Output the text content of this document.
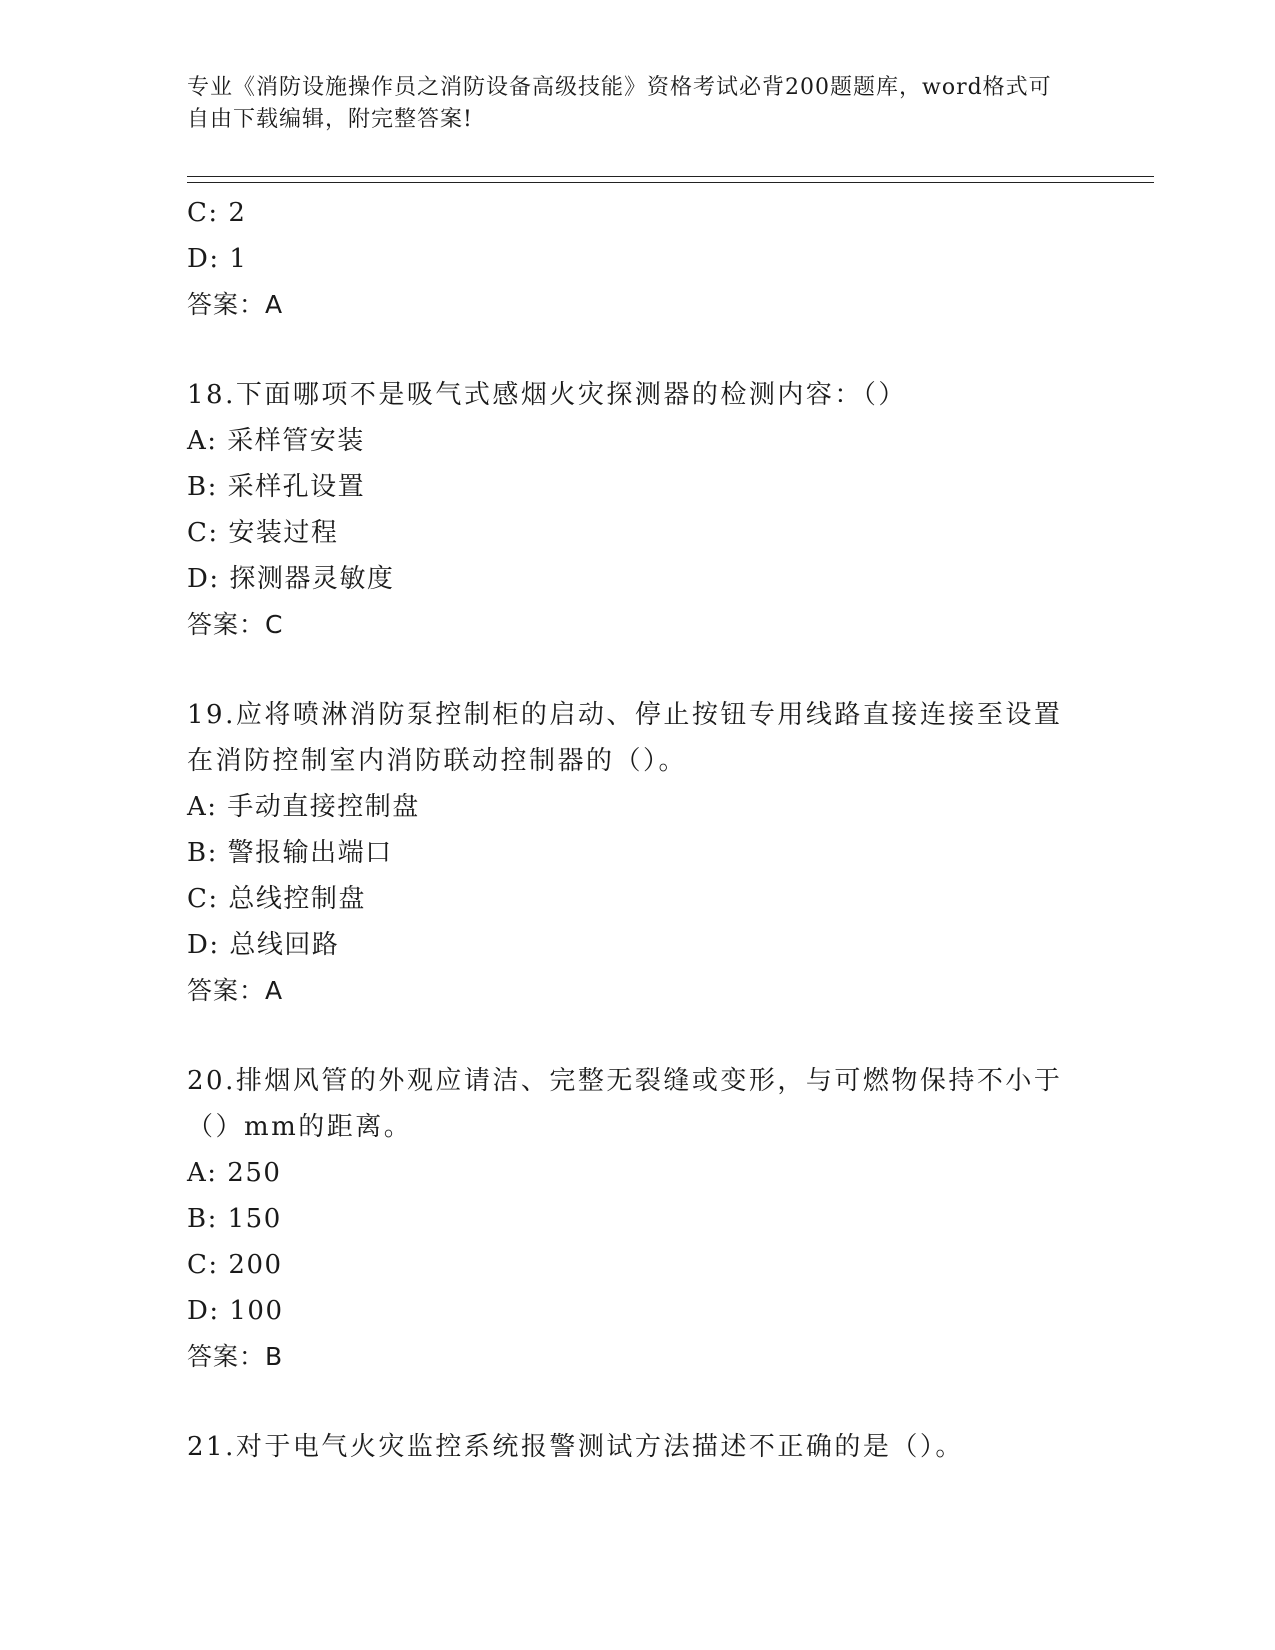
专业《消防设施操作员之消防设备高级技能》资格考试必背200题题库，word格式可自由下载编辑，附完整答案!
C: 2
D: 1
答案：A
18.下面哪项不是吸气式感烟火灾探测器的检测内容：（）
A: 采样管安装
B: 采样孔设置
C: 安装过程
D: 探测器灵敏度
答案：C
19.应将喷淋消防泵控制柜的启动、停止按钮专用线路直接连接至设置在消防控制室内消防联动控制器的（）。
A: 手动直接控制盘
B: 警报输出端口
C: 总线控制盘
D: 总线回路
答案：A
20.排烟风管的外观应请洁、完整无裂缝或变形，与可燃物保持不小于（）mm的距离。
A: 250
B: 150
C: 200
D: 100
答案：B
21.对于电气火灾监控系统报警测试方法描述不正确的是（）。
